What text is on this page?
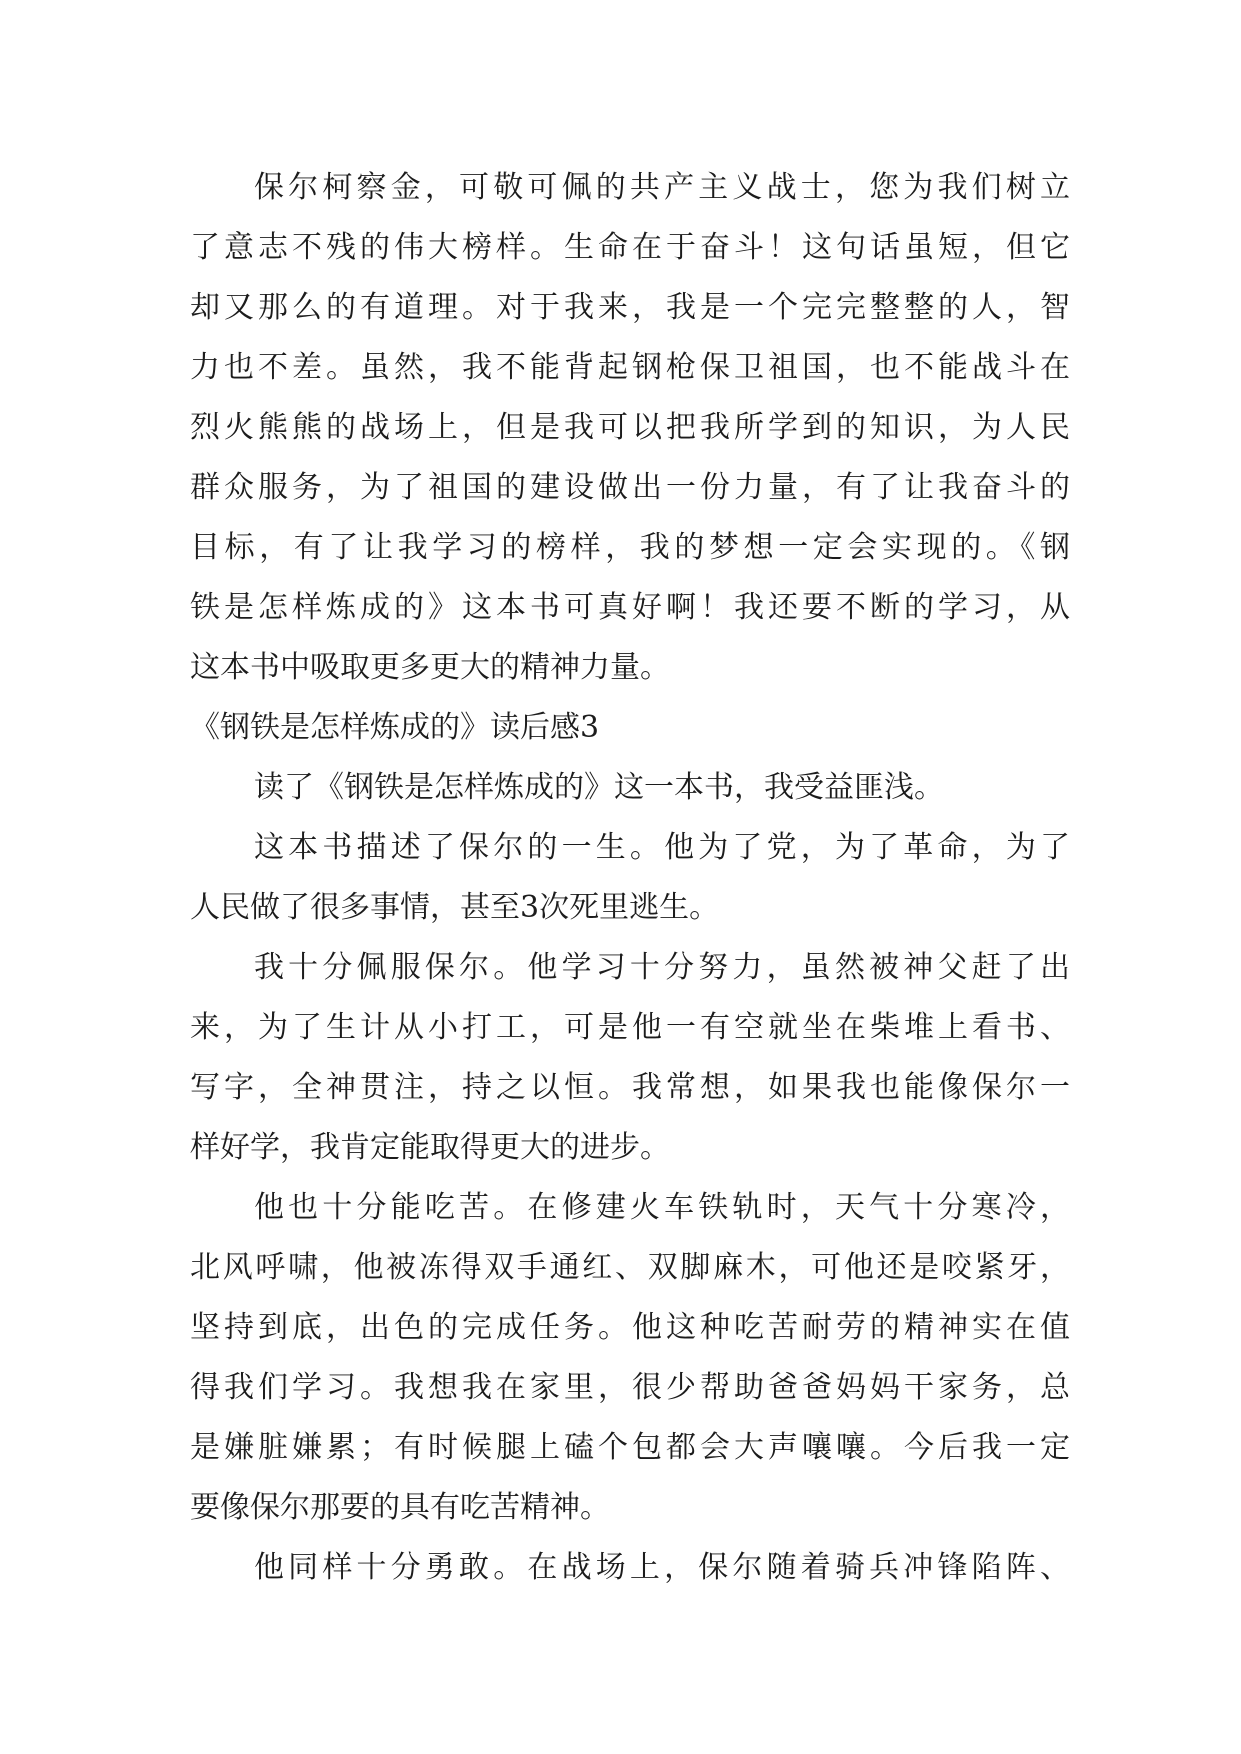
保尔柯察金，可敬可佩的共产主义战士，您为我们树立
了意志不残的伟大榜样。生命在于奋斗！这句话虽短，但它
却又那么的有道理。对于我来，我是一个完完整整的人，智
力也不差。虽然，我不能背起钢枪保卫祖国，也不能战斗在
烈火熊熊的战场上，但是我可以把我所学到的知识，为人民
群众服务，为了祖国的建设做出一份力量，有了让我奋斗的
目标，有了让我学习的榜样，我的梦想一定会实现的。《钢
铁是怎样炼成的》这本书可真好啊！我还要不断的学习，从
这本书中吸取更多更大的精神力量。
《钢铁是怎样炼成的》读后感3
读了《钢铁是怎样炼成的》这一本书，我受益匪浅。
这本书描述了保尔的一生。他为了党，为了革命，为了
人民做了很多事情，甚至3次死里逃生。
我十分佩服保尔。他学习十分努力，虽然被神父赶了出
来，为了生计从小打工，可是他一有空就坐在柴堆上看书、
写字，全神贯注，持之以恒。我常想，如果我也能像保尔一
样好学，我肯定能取得更大的进步。
他也十分能吃苦。在修建火车铁轨时，天气十分寒冷，
北风呼啸，他被冻得双手通红、双脚麻木，可他还是咬紧牙，
坚持到底，出色的完成任务。他这种吃苦耐劳的精神实在值
得我们学习。我想我在家里，很少帮助爸爸妈妈干家务，总
是嫌脏嫌累；有时候腿上磕个包都会大声嚷嚷。今后我一定
要像保尔那要的具有吃苦精神。
他同样十分勇敢。在战场上，保尔随着骑兵冲锋陷阵、
